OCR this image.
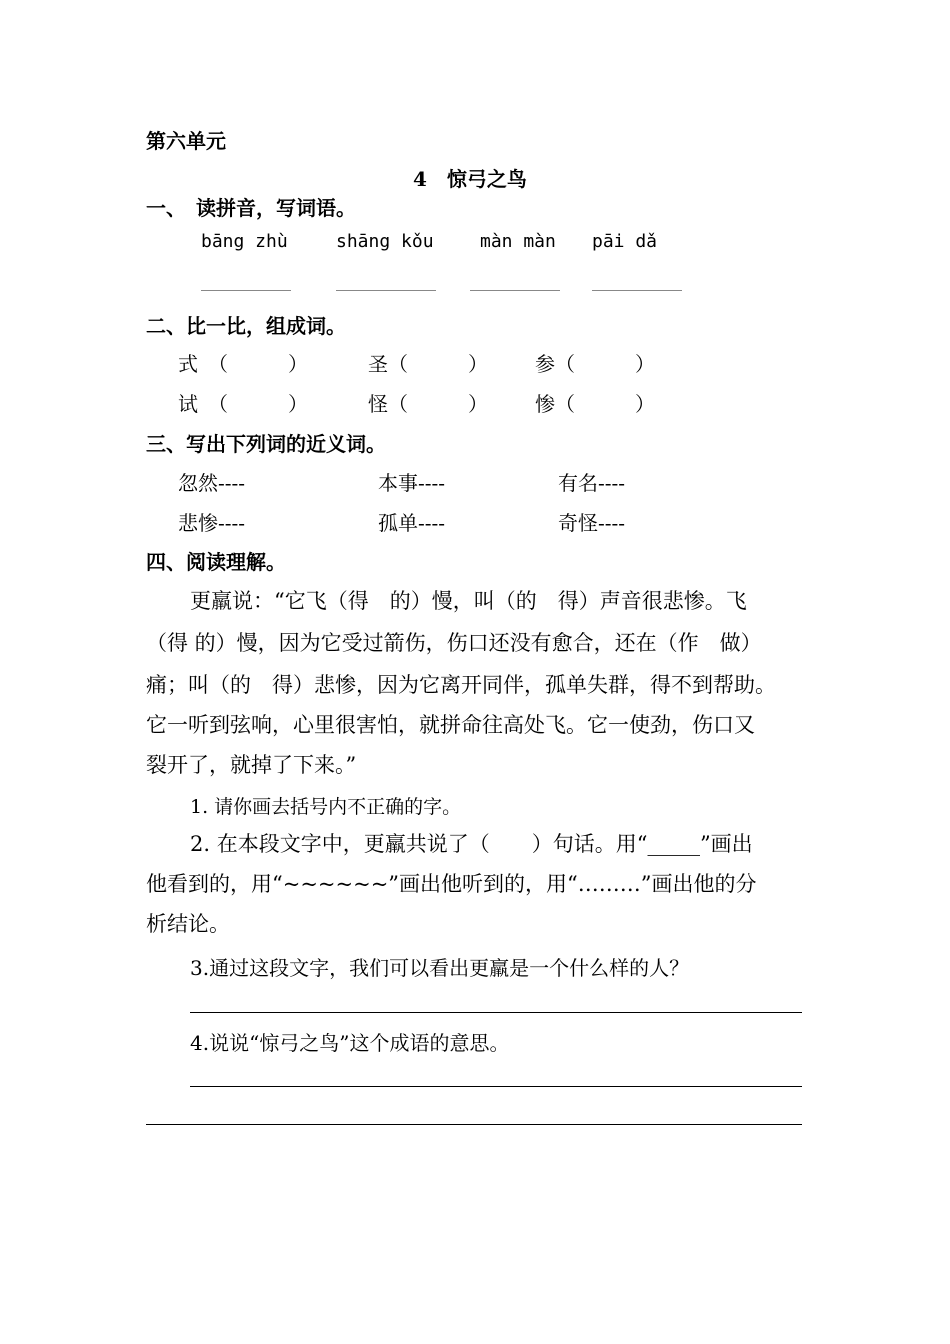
第六单元
4　惊弓之鸟
一、　读拼音，写词语。
bāng zhù	shāng kǒu	màn màn pāi dǎ
二、比一比，组成词。
式　（　　　）	圣（　　　） 参（　　　）
试　（　　　）	怪（　　　） 惨（　　　）
三、写出下列词的近义词。
忽然----	本事----	有名----
悲惨----	孤单----	奇怪----
四、阅读理解。
更羸说：“它飞（得　的）慢，叫（的　得）声音很悲惨。飞
（得 的）慢，因为它受过箭伤，伤口还没有愈合，还在（作　做）
痛；叫（的　得）悲惨，因为它离开同伴，孤单失群，得不到帮助。
它一听到弦响，心里很害怕，就拼命往高处飞。它一使劲，伤口又
裂开了，就掉了下来。”
1. 请你画去括号内不正确的字。
2. 在本段文字中，更羸共说了（　　）句话。用“_____”画出
他看到的，用“~~~~~~”画出他听到的，用“………”画出他的分
析结论。
3.通过这段文字，我们可以看出更羸是一个什么样的人？
4.说说“惊弓之鸟”这个成语的意思。
